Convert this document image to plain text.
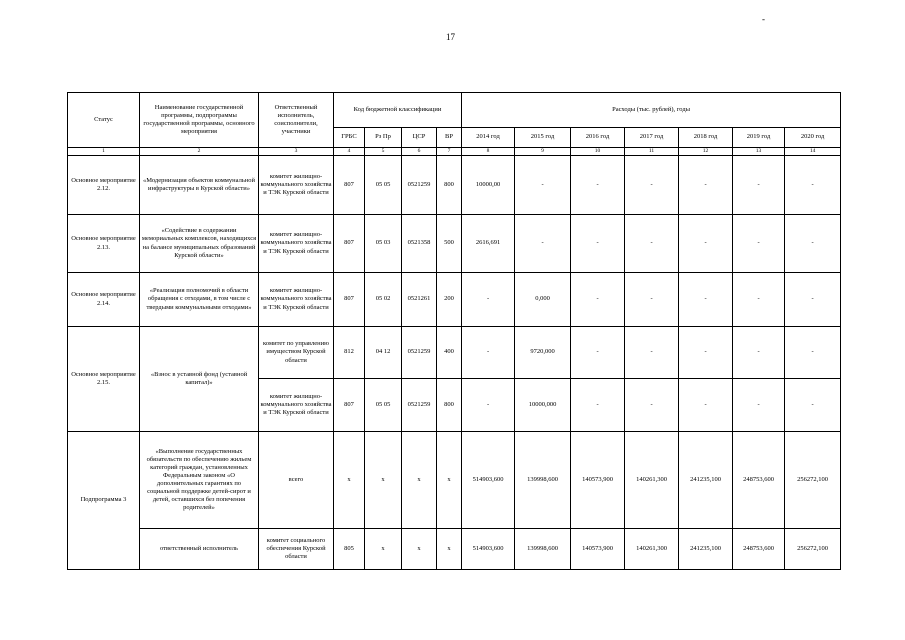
17
-
Статус	Наименование государственной программы, подпрограммы государственной программы, основного мероприятия	Ответственный исполнитель, соисполнители, участники	Код бюджетной классификации				Расходы (тыс. рублей), годы						
			ГРБС	Рз Пр	ЦСР	ВР	2014 год	2015 год	2016 год	2017 год	2018 год	2019 год	2020 год
1	2	3	4	5	6	7	8	9	10	11	12	13	14
Основное мероприятие 2.12.	«Модернизация объектов коммунальной инфраструктуры в Курской области»	комитет жилищно-коммунального хозяйства и ТЭК Курской области	807	05 05	0521259	800	10000,00	-	-	-	-	-	-
Основное мероприятие 2.13.	«Содействие в содержании мемориальных комплексов, находящихся на балансе муниципальных образований Курской области»	комитет жилищно-коммунального хозяйства и ТЭК Курской области	807	05 03	0521358	500	2616,691	-	-	-	-	-	-
Основное мероприятие 2.14.	«Реализация полномочий в области обращения с отходами, в том числе с твердыми коммунальными отходами»	комитет жилищно-коммунального хозяйства и ТЭК Курской области	807	05 02	0521261	200	-	0,000	-	-	-	-	-
Основное мероприятие 2.15.	«Взнос в уставной фонд (уставной капитал)»	комитет по управлению имуществом Курской области	812	04 12	0521259	400	-	9720,000	-	-	-	-	-
		комитет жилищно-коммунального хозяйства и ТЭК Курской области	807	05 05	0521259	800	-	10000,000	-	-	-	-	-
Подпрограмма 3	«Выполнение государственных обязательств по обеспечению жильем категорий граждан, установленных Федеральным законом «О дополнительных гарантиях по социальной поддержке детей-сирот и детей, оставшихся без попечения родителей»	всего	х	х	х	х	514903,600	139998,600	140573,900	140261,300	241235,100	248753,600	256272,100
	ответственный исполнитель	комитет социального обеспечения Курской области	805	х	х	х	514903,600	139998,600	140573,900	140261,300	241235,100	248753,600	256272,100
